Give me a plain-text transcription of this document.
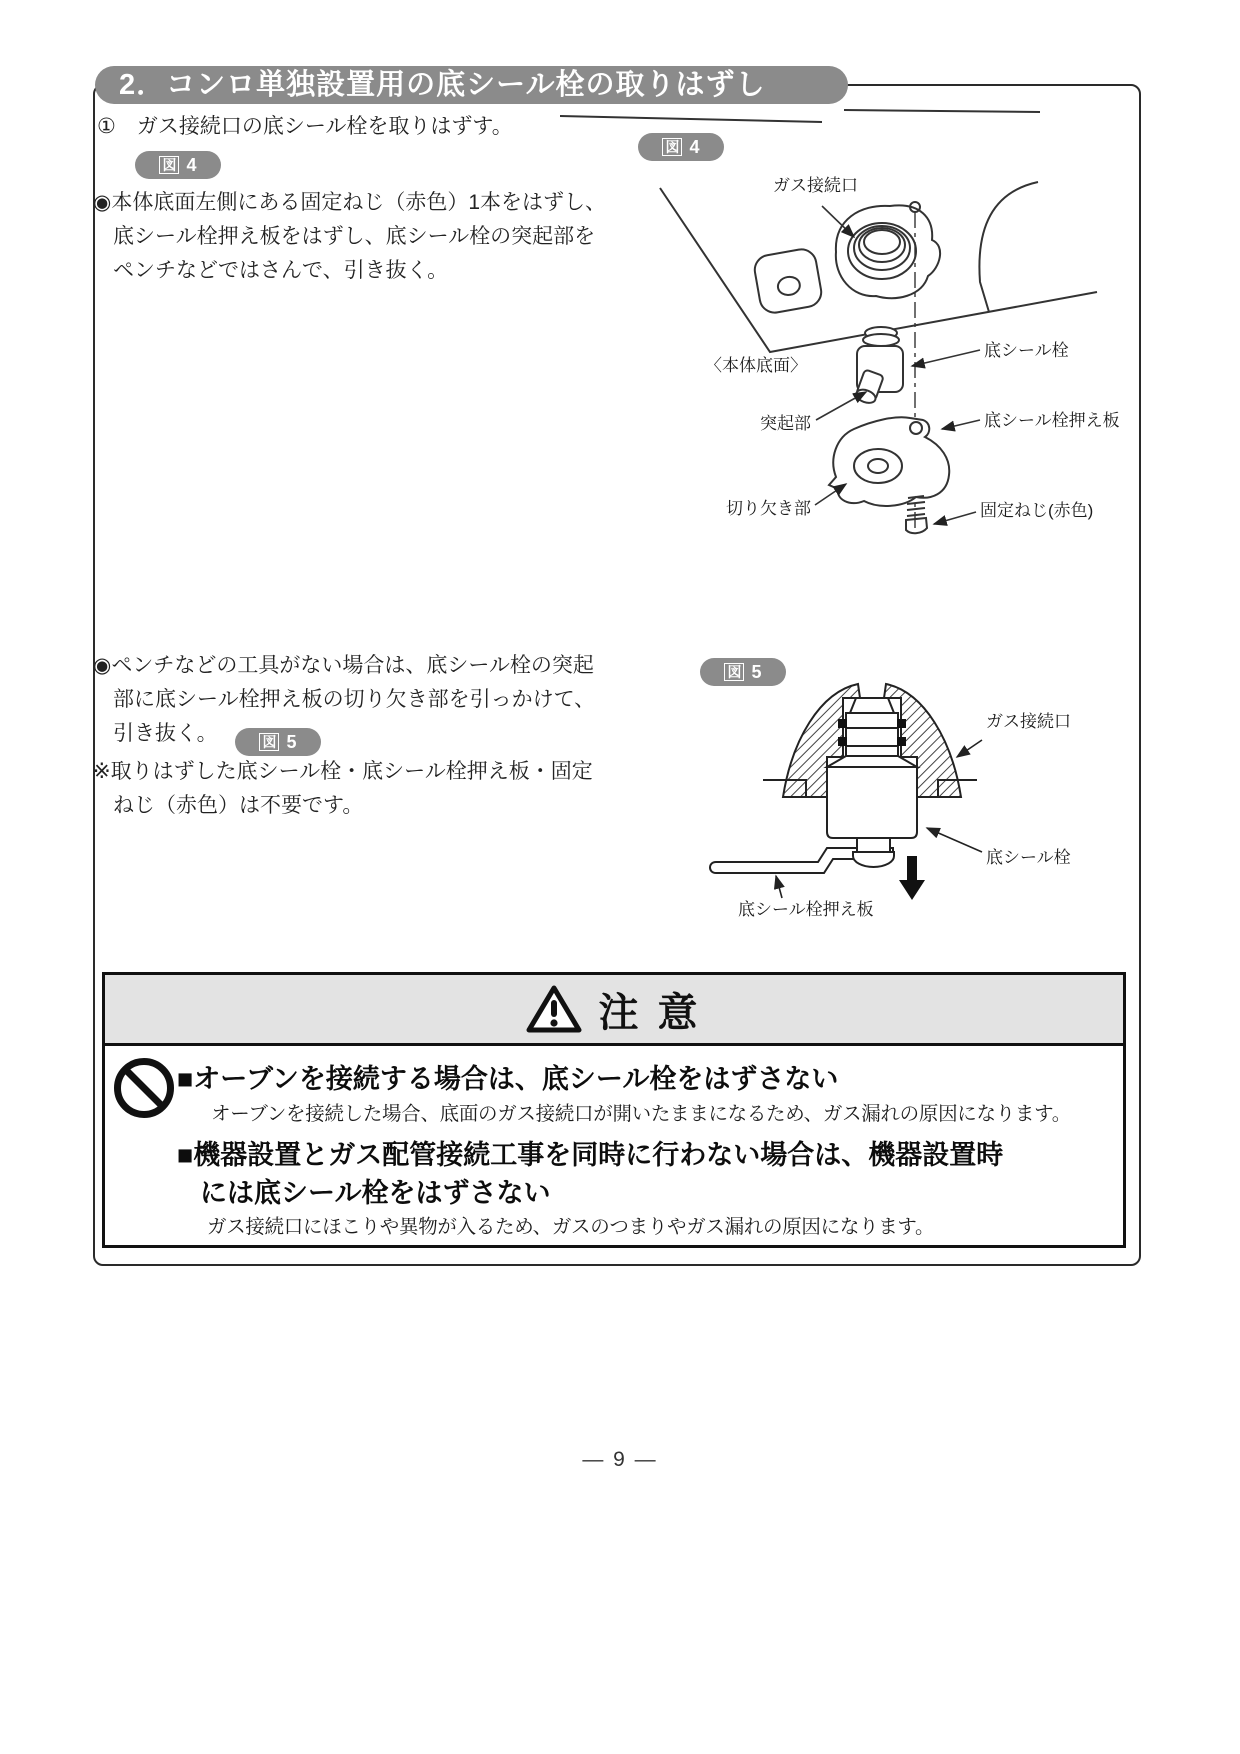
2．コンロ単独設置用の底シール栓の取りはずし
①　ガス接続口の底シール栓を取りはずす。
図 4
◉本体底面左側にある固定ねじ（赤色）1本をはずし、
底シール栓押え板をはずし、底シール栓の突起部を
ペンチなどではさんで、引き抜く。
◉ペンチなどの工具がない場合は、底シール栓の突起
部に底シール栓押え板の切り欠き部を引っかけて、
引き抜く。	図 5
※取りはずした底シール栓・底シール栓押え板・固定
ねじ（赤色）は不要です。
図 4
ガス接続口
〈本体底面〉
突起部
切り欠き部
底シール栓
底シール栓押え板
固定ねじ(赤色)
図 5
ガス接続口
底シール栓
底シール栓押え板
注 意
■オーブンを接続する場合は、底シール栓をはずさない
オーブンを接続した場合、底面のガス接続口が開いたままになるため、ガス漏れの原因になります。
■機器設置とガス配管接続工事を同時に行わない場合は、機器設置時
には底シール栓をはずさない
ガス接続口にほこりや異物が入るため、ガスのつまりやガス漏れの原因になります。
― 9 ―
